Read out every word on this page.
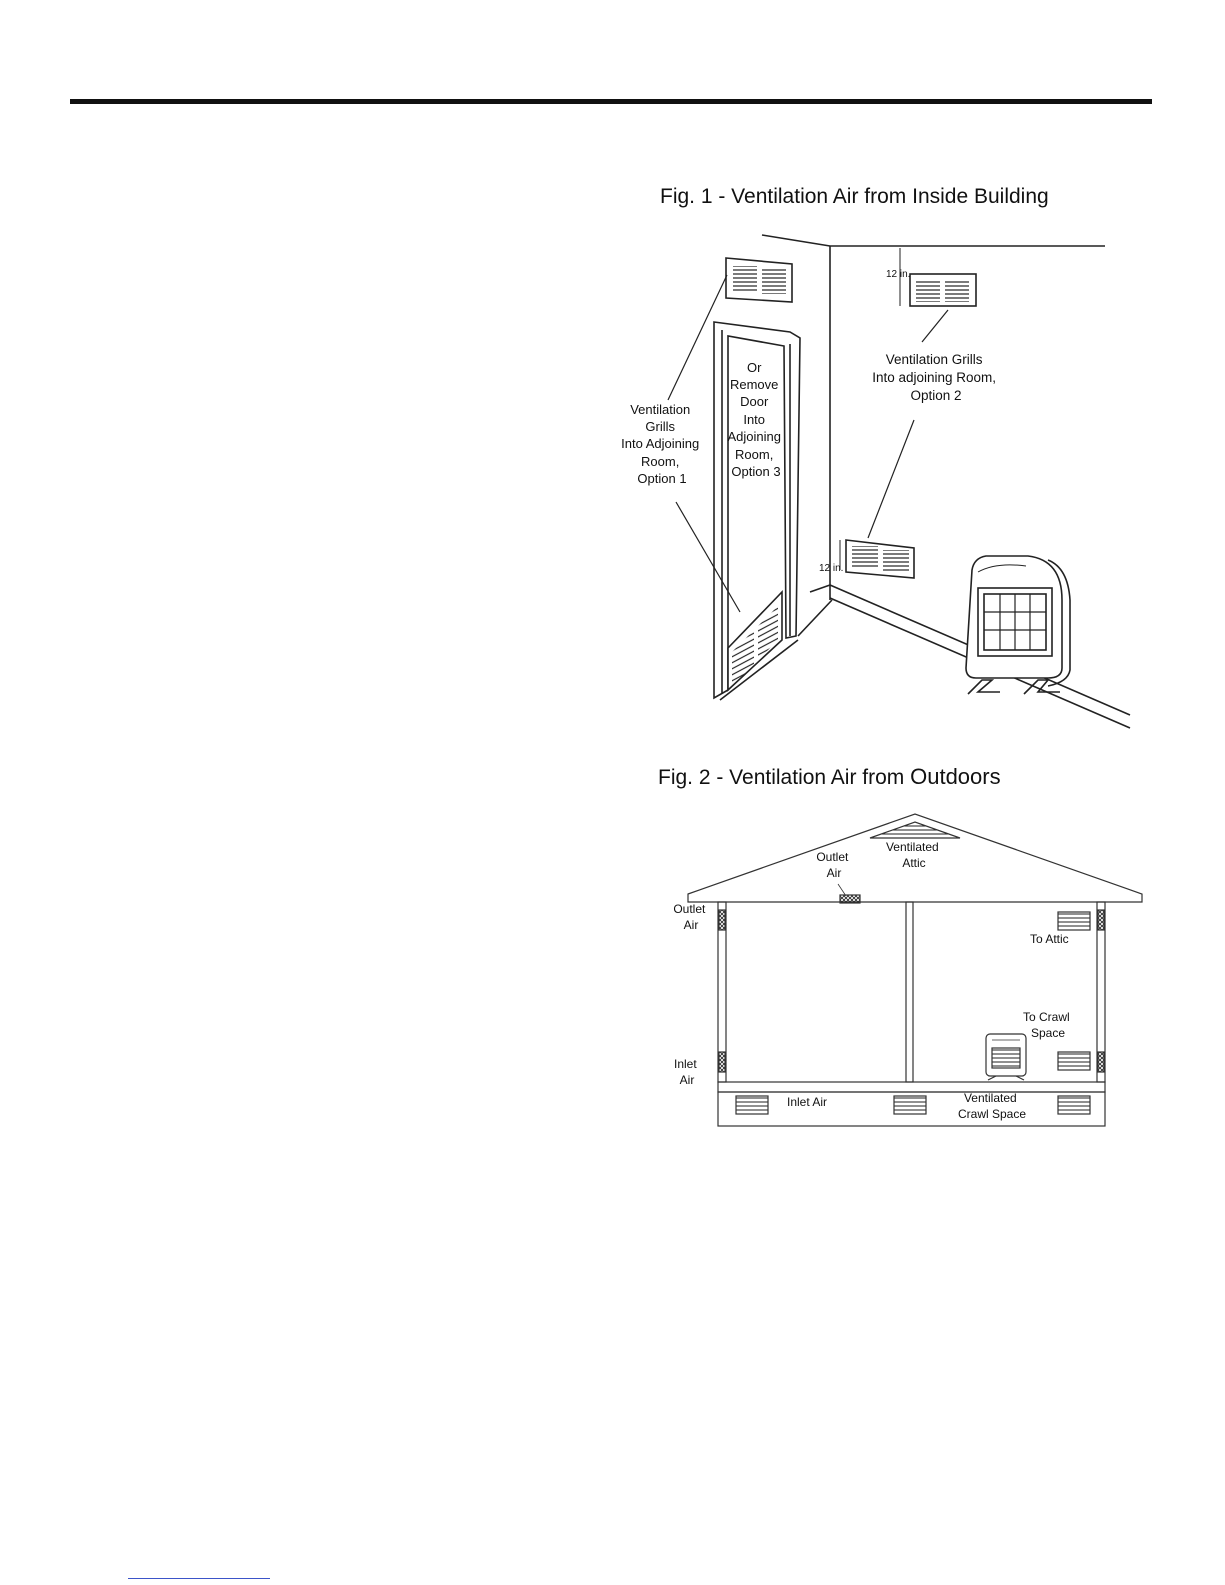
Fig. 1 - Ventilation Air from Inside Building
Ventilation Grills Into Adjoining Room, Option 1
Or Remove Door Into Adjoining Room, Option 3
Ventilation Grills Into adjoining Room, Option 2
12 in.
12 in.
Fig. 2 - Ventilation Air from Outdoors
Outlet Air
Ventilated Attic
Outlet Air
To Attic
To Crawl Space
Inlet Air
Inlet Air	Ventilated Crawl Space
